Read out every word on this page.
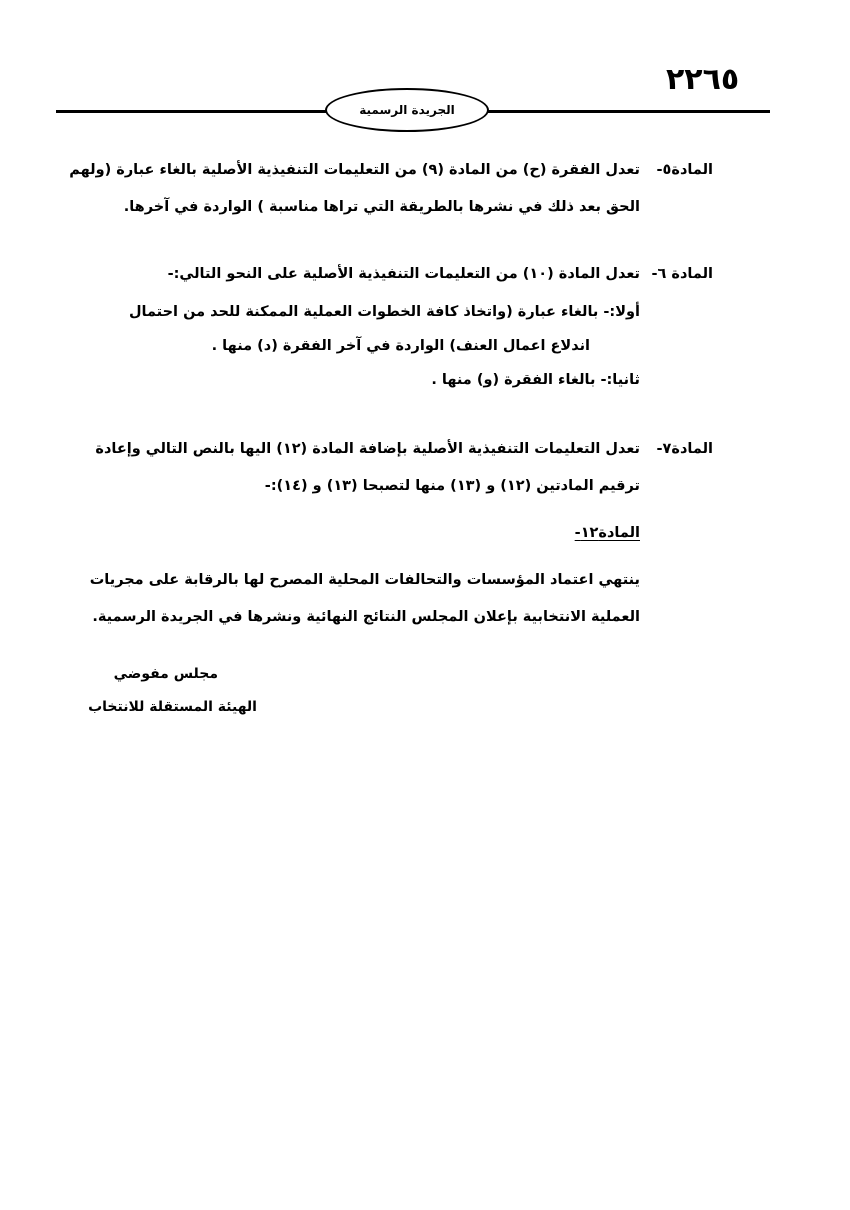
٢٢٦٥
الجريدة الرسمية
المادة٥-
تعدل الفقرة (ح) من المادة (٩) من التعليمات التنفيذية الأصلية بالغاء عبارة (ولهم
الحق بعد ذلك في نشرها بالطريقة التي تراها مناسبة ) الواردة في آخرها.
المادة ٦-
تعدل المادة (١٠) من التعليمات التنفيذية الأصلية على النحو التالي:-
أولا:- بالغاء عبارة (واتخاذ كافة الخطوات العملية الممكنة للحد من احتمال
اندلاع اعمال العنف) الواردة في آخر الفقرة (د) منها .
ثانيا:- بالغاء الفقرة (و) منها .
المادة٧-
تعدل التعليمات التنفيذية الأصلية بإضافة المادة (١٢) اليها بالنص التالي وإعادة
ترقيم المادتين (١٢) و (١٣) منها لتصبحا (١٣) و (١٤):-
المادة١٢-
ينتهي اعتماد المؤسسات والتحالفات المحلية المصرح لها بالرقابة على مجريات
العملية الانتخابية بإعلان المجلس النتائج النهائية ونشرها في الجريدة الرسمية.
مجلس مفوضي
الهيئة المستقلة للانتخاب
